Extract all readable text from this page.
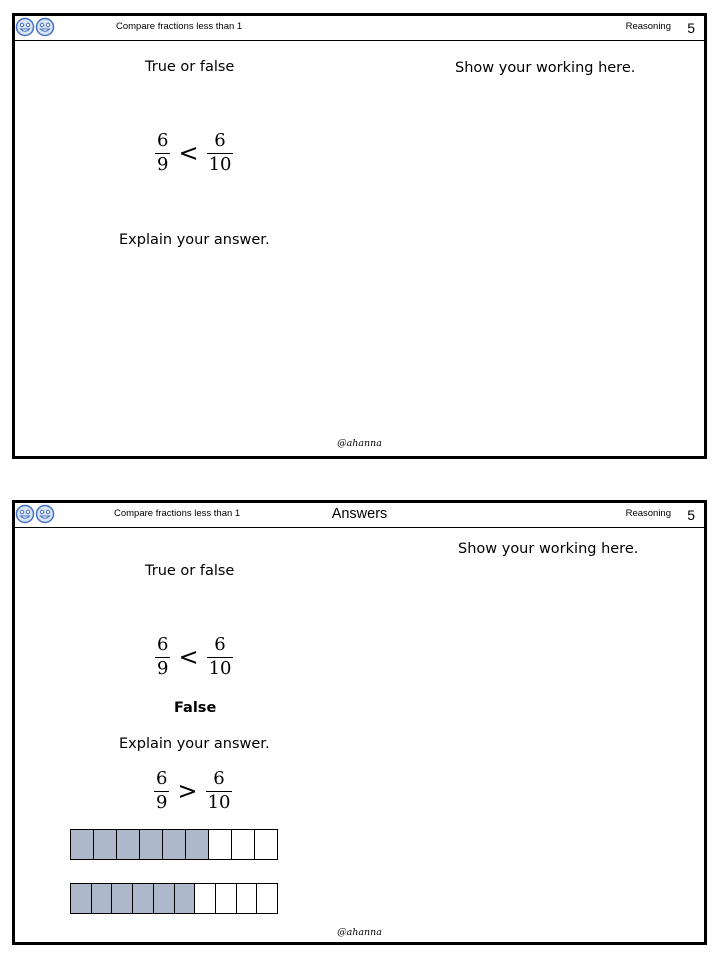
Compare fractions less than 1	Reasoning 5
True or false	Show your working here.
$\frac{6}{9} < \frac{6}{10}$
Explain your answer.
@ahanna
Compare fractions less than 1	Answers	Reasoning 5
Show your working here.
True or false
$\frac{6}{9} < \frac{6}{10}$
False
Explain your answer.
$\frac{6}{9} > \frac{6}{10}$
@ahanna
